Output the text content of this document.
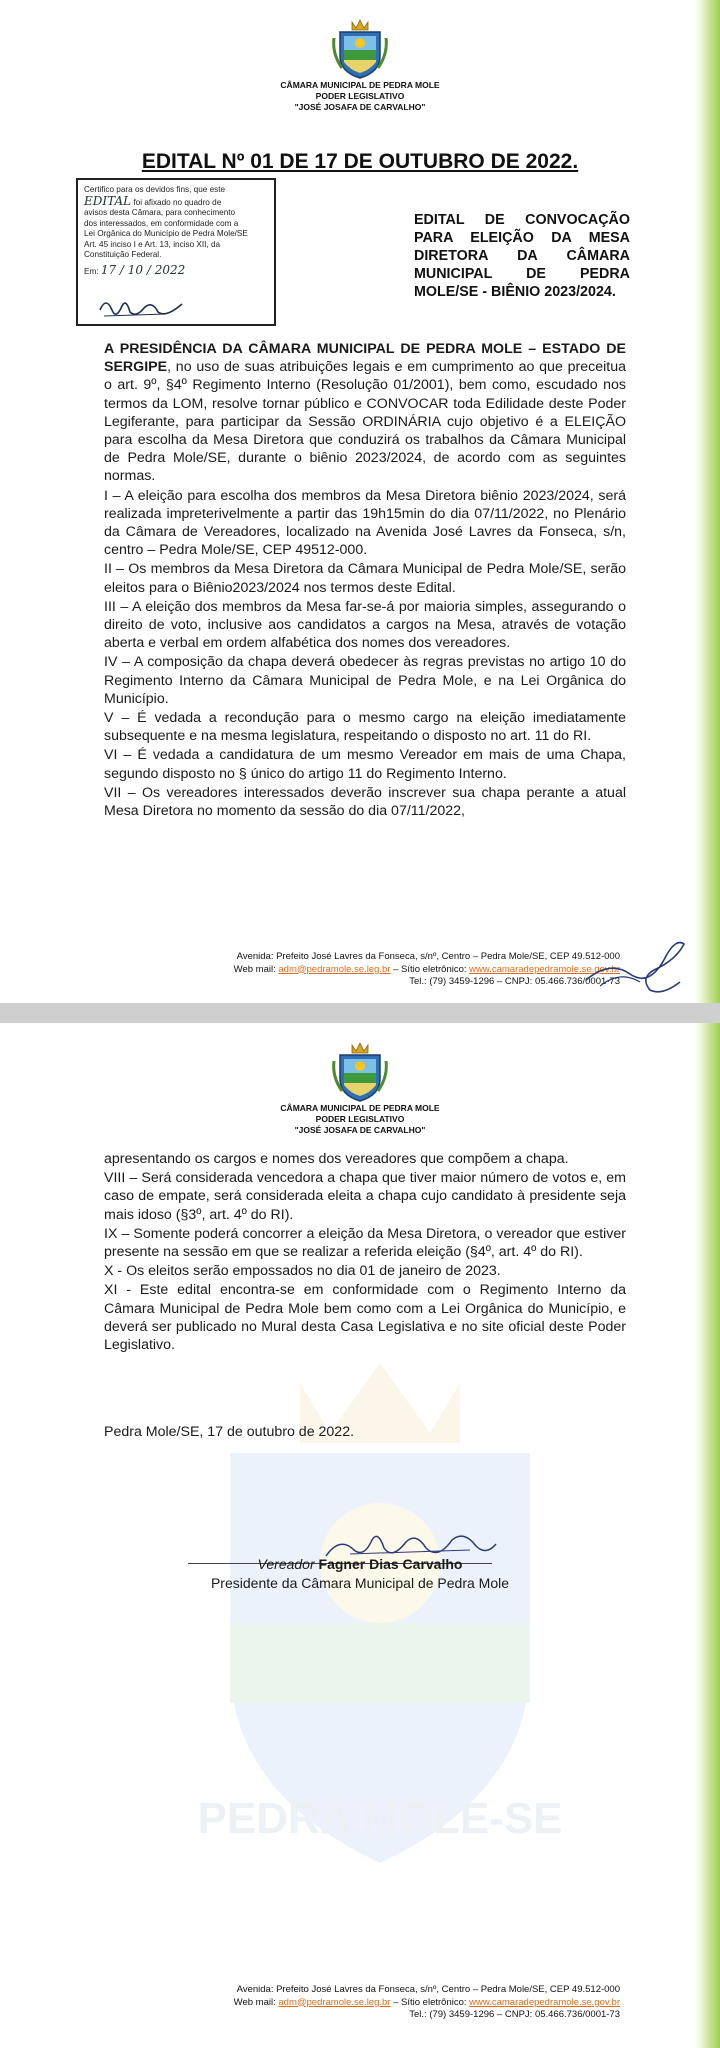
CÂMARA MUNICIPAL DE PEDRA MOLE
PODER LEGISLATIVO
"JOSÉ JOSAFA DE CARVALHO"
EDITAL Nº 01 DE 17 DE OUTUBRO DE 2022.
Certifico para os devidos fins, que este
EDITAL foi afixado no quadro de
avisos desta Câmara, para conhecimento
dos interessados, em conformidade com a
Lei Orgânica do Município de Pedra Mole/SE
Art. 45 inciso I e Art. 13, inciso XII, da
Constituição Federal.
Em: 17 / 10 / 2022
EDITAL DE CONVOCAÇÃO PARA ELEIÇÃO DA MESA DIRETORA DA CÂMARA MUNICIPAL DE PEDRA MOLE/SE - BIÊNIO 2023/2024.

A PRESIDÊNCIA DA CÂMARA MUNICIPAL DE PEDRA MOLE – ESTADO DE SERGIPE, no uso de suas atribuições legais e em cumprimento ao que preceitua o art. 9º, §4º Regimento Interno (Resolução 01/2001), bem como, escudado nos termos da LOM, resolve tornar público e CONVOCAR toda Edilidade deste Poder Legiferante, para participar da Sessão ORDINÁRIA cujo objetivo é a ELEIÇÃO para escolha da Mesa Diretora que conduzirá os trabalhos da Câmara Municipal de Pedra Mole/SE, durante o biênio 2023/2024, de acordo com as seguintes normas.

I – A eleição para escolha dos membros da Mesa Diretora biênio 2023/2024, será realizada impreterivelmente a partir das 19h15min do dia 07/11/2022, no Plenário da Câmara de Vereadores, localizado na Avenida José Lavres da Fonseca, s/n, centro – Pedra Mole/SE, CEP 49512-000.

II – Os membros da Mesa Diretora da Câmara Municipal de Pedra Mole/SE, serão eleitos para o Biênio2023/2024 nos termos deste Edital.

III – A eleição dos membros da Mesa far-se-á por maioria simples, assegurando o direito de voto, inclusive aos candidatos a cargos na Mesa, através de votação aberta e verbal em ordem alfabética dos nomes dos vereadores.

IV – A composição da chapa deverá obedecer às regras previstas no artigo 10 do Regimento Interno da Câmara Municipal de Pedra Mole, e na Lei Orgânica do Município.

V – É vedada a recondução para o mesmo cargo na eleição imediatamente subsequente e na mesma legislatura, respeitando o disposto no art. 11 do RI.

VI – É vedada a candidatura de um mesmo Vereador em mais de uma Chapa, segundo disposto no § único do artigo 11 do Regimento Interno.

VII – Os vereadores interessados deverão inscrever sua chapa perante a atual Mesa Diretora no momento da sessão do dia 07/11/2022,

Avenida: Prefeito José Lavres da Fonseca, s/nº, Centro – Pedra Mole/SE, CEP 49.512-000
Web mail: adm@pedramole.se.leg.br – Sítio eletrônico: www.camaradepedramole.se.gov.br
Tel.: (79) 3459-1296 – CNPJ: 05.466.736/0001-73
PEDRA MOLE-SE
CÂMARA MUNICIPAL DE PEDRA MOLE
PODER LEGISLATIVO
"JOSÉ JOSAFA DE CARVALHO"

apresentando os cargos e nomes dos vereadores que compõem a chapa.

VIII – Será considerada vencedora a chapa que tiver maior número de votos e, em caso de empate, será considerada eleita a chapa cujo candidato à presidente seja mais idoso (§3º, art. 4º do RI).

IX – Somente poderá concorrer a eleição da Mesa Diretora, o vereador que estiver presente na sessão em que se realizar a referida eleição (§4º, art. 4º do RI).

X - Os eleitos serão empossados no dia 01 de janeiro de 2023.

XI - Este edital encontra-se em conformidade com o Regimento Interno da Câmara Municipal de Pedra Mole bem como com a Lei Orgânica do Município, e deverá ser publicado no Mural desta Casa Legislativa e no site oficial deste Poder Legislativo.

Pedra Mole/SE, 17 de outubro de 2022.
Vereador Fagner Dias Carvalho
Presidente da Câmara Municipal de Pedra Mole
Avenida: Prefeito José Lavres da Fonseca, s/nº, Centro – Pedra Mole/SE, CEP 49.512-000
Web mail: adm@pedramole.se.leg.br – Sítio eletrônico: www.camaradepedramole.se.gov.br
Tel.: (79) 3459-1296 – CNPJ: 05.466.736/0001-73
